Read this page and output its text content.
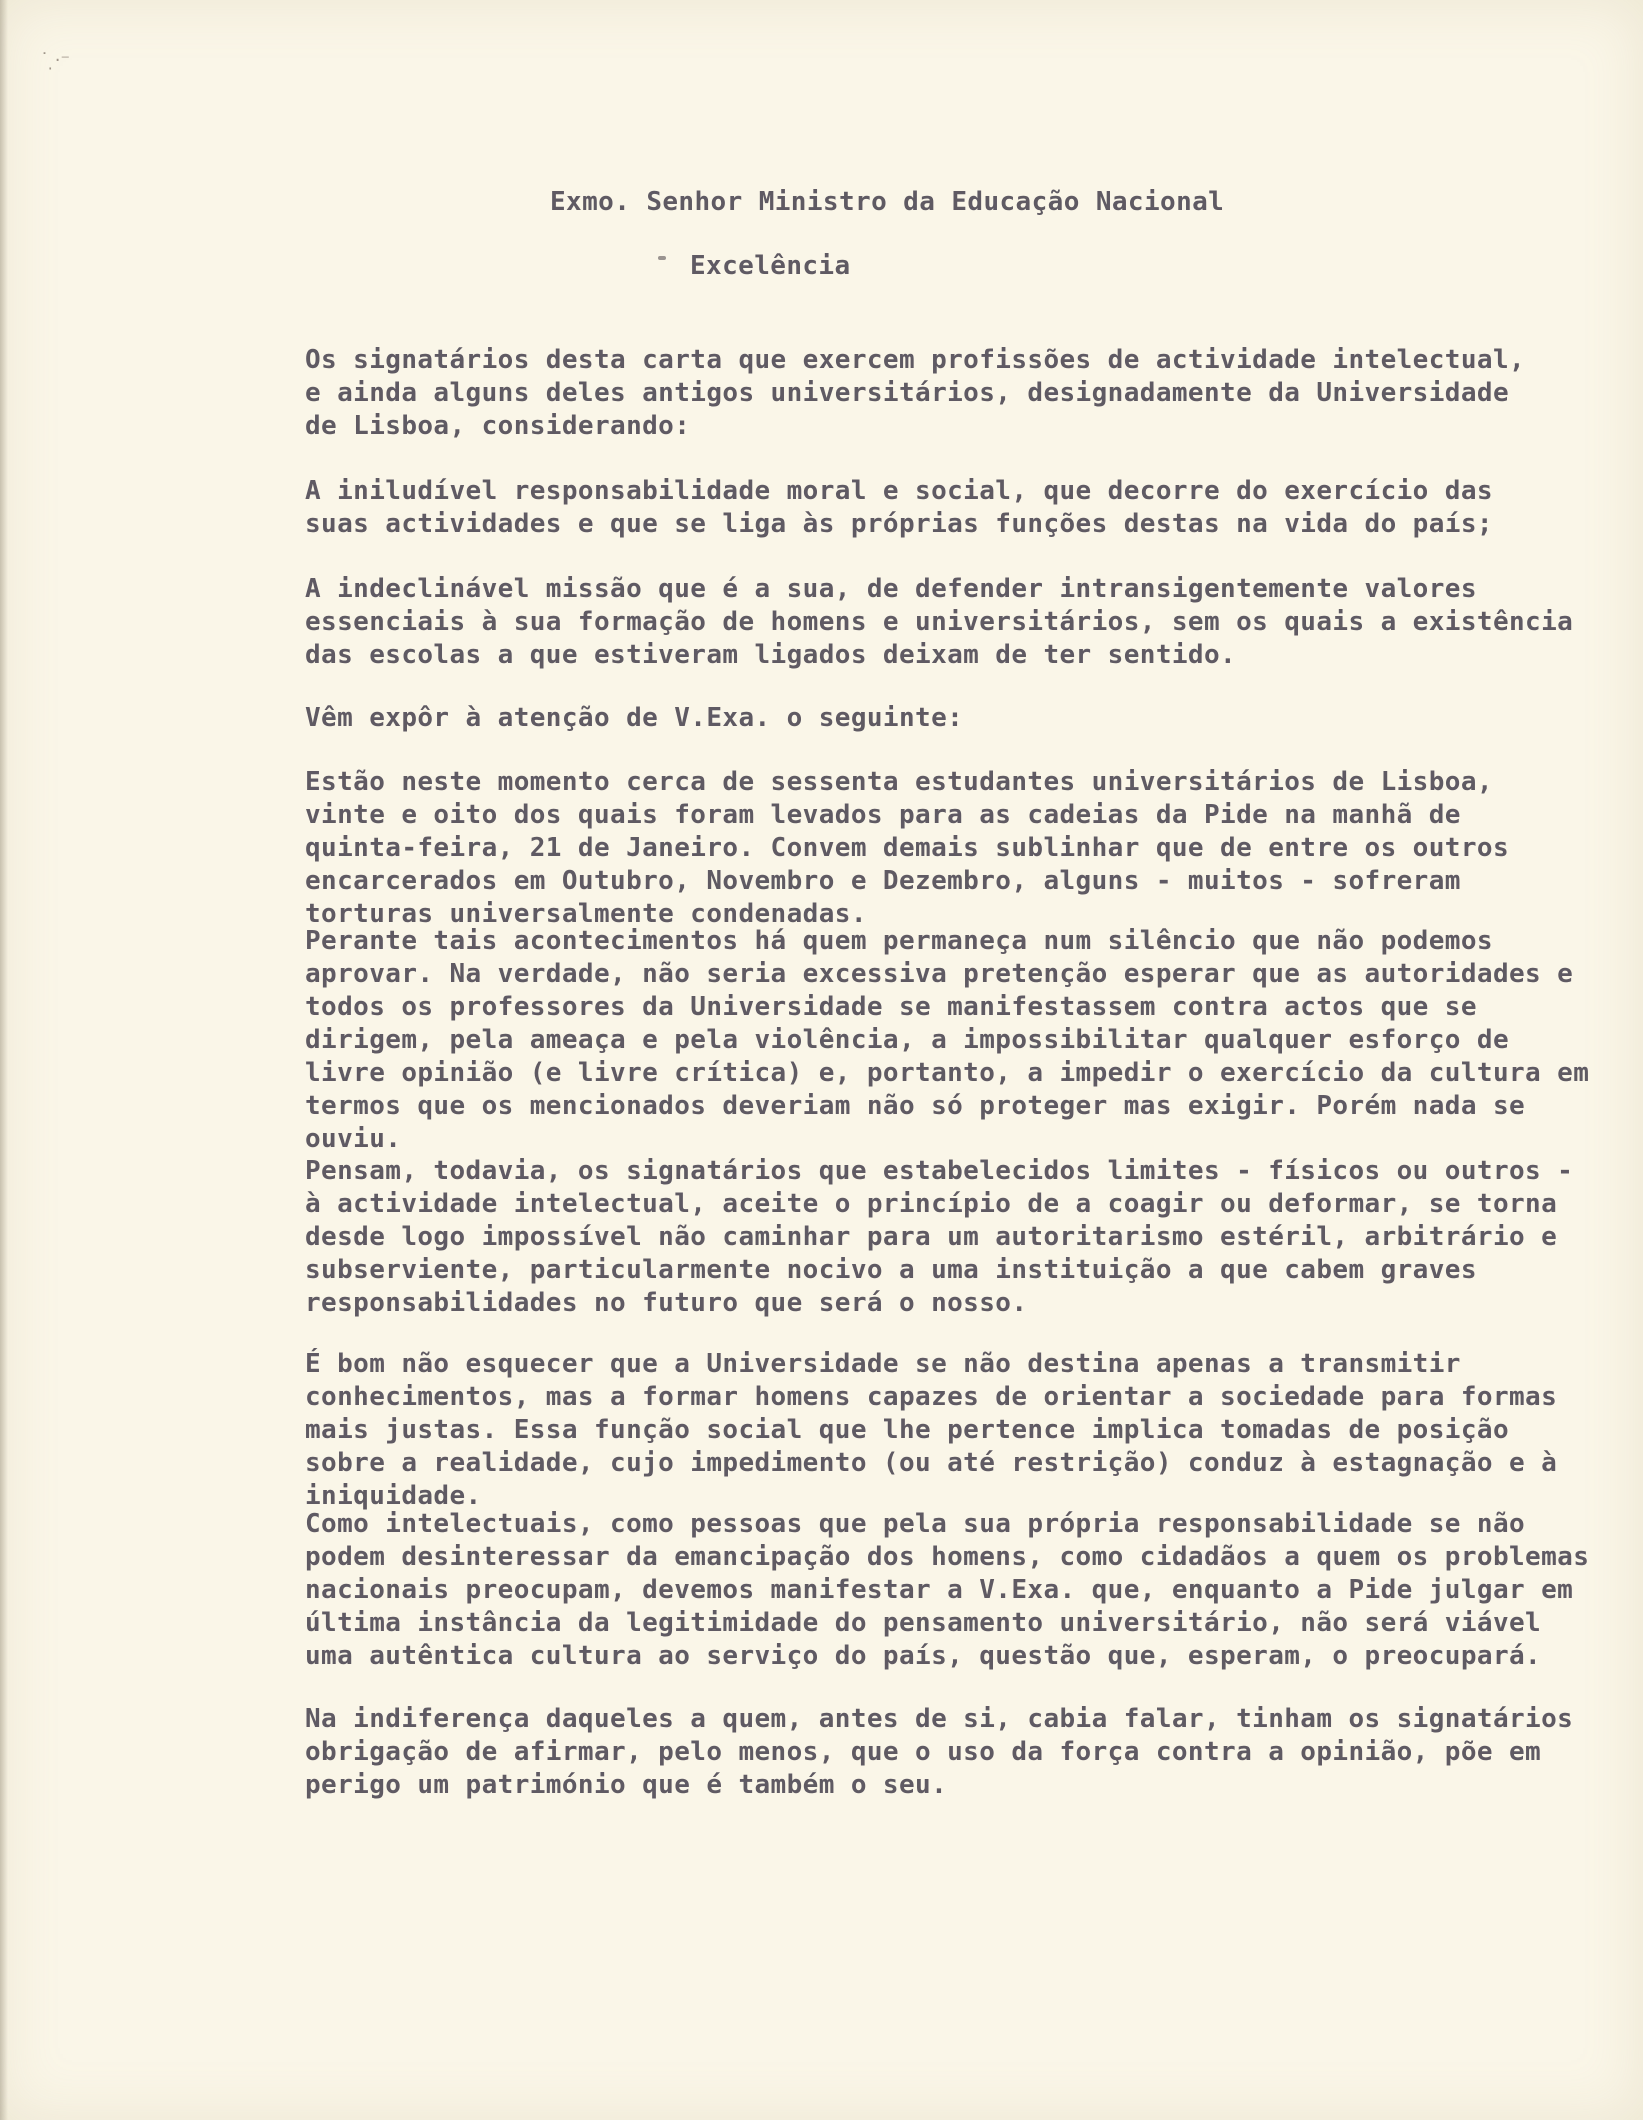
˙ ̣·⁻
Exmo. Senhor Ministro da Educação Nacional
Excelência

Os signatários desta carta que exercem profissões de actividade intelectual, e ainda alguns deles antigos universitários, designadamente da Universidade de Lisboa, considerando:

A iniludível responsabilidade moral e social, que decorre do exercício das suas actividades e que se liga às próprias funções destas na vida do país;

A indeclinável missão que é a sua, de defender intransigentemente valores essenciais à sua formação de homens e universitários, sem os quais a existência das escolas a que estiveram ligados deixam de ter sentido.

Vêm expôr à atenção de V.Exa. o seguinte:

Estão neste momento cerca de sessenta estudantes universitários de Lisboa, vinte e oito dos quais foram levados para as cadeias da Pide na manhã de quinta-feira, 21 de Janeiro. Convem demais sublinhar que de entre os outros encarcerados em Outubro, Novembro e Dezembro, alguns - muitos - sofreram torturas universalmente condenadas.

Perante tais acontecimentos há quem permaneça num silêncio que não podemos aprovar. Na verdade, não seria excessiva pretenção esperar que as autoridades e todos os professores da Universidade se manifestassem contra actos que se dirigem, pela ameaça e pela violência, a impossibilitar qualquer esforço de livre opinião (e livre crítica) e, portanto, a impedir o exercício da cultura em termos que os mencionados deveriam não só proteger mas exigir. Porém nada se ouviu.

Pensam, todavia, os signatários que estabelecidos limites - físicos ou outros - à actividade intelectual, aceite o princípio de a coagir ou deformar, se torna desde logo impossível não caminhar para um autoritarismo estéril, arbitrário e subserviente, particularmente nocivo a uma instituição a que cabem graves responsabilidades no futuro que será o nosso.

É bom não esquecer que a Universidade se não destina apenas a transmitir conhecimentos, mas a formar homens capazes de orientar a sociedade para formas mais justas. Essa função social que lhe pertence implica tomadas de posição sobre a realidade, cujo impedimento (ou até restrição) conduz à estagnação e à iniquidade.

Como intelectuais, como pessoas que pela sua própria responsabilidade se não podem desinteressar da emancipação dos homens, como cidadãos a quem os problemas nacionais preocupam, devemos manifestar a V.Exa. que, enquanto a Pide julgar em última instância da legitimidade do pensamento universitário, não será viável uma autêntica cultura ao serviço do país, questão que, esperam, o preocupará.

Na indiferença daqueles a quem, antes de si, cabia falar, tinham os signatários obrigação de afirmar, pelo menos, que o uso da força contra a opinião, põe em perigo um património que é também o seu.
